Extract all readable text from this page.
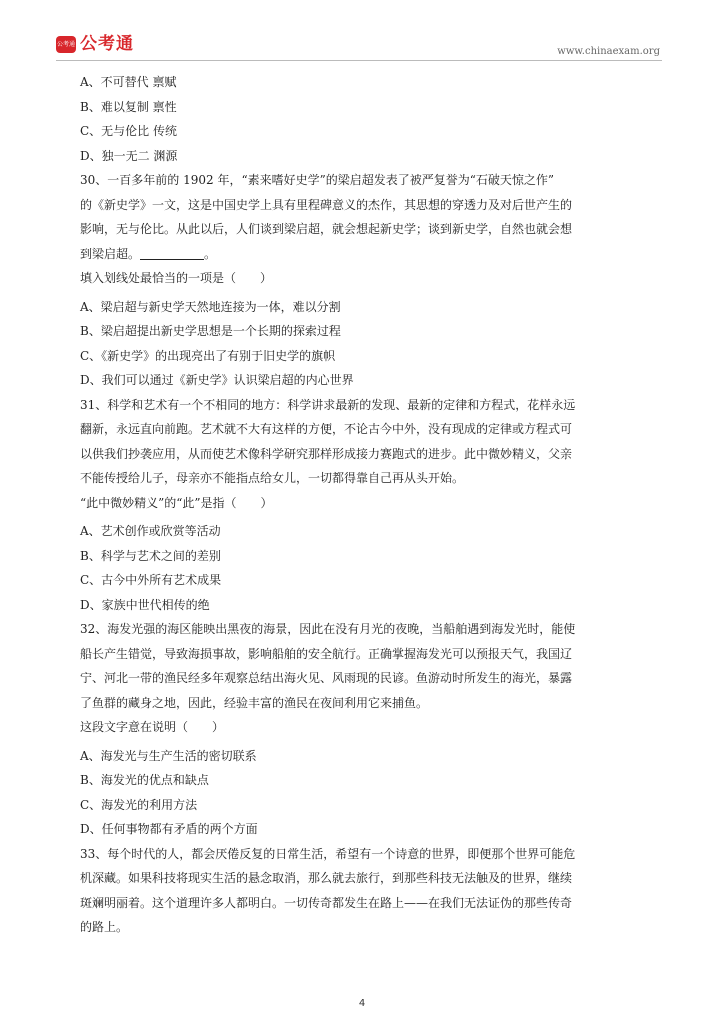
公考通 公考通	www.chinaexam.org
A、不可替代 禀赋
B、难以复制 禀性
C、无与伦比 传统
D、独一无二 渊源
30、一百多年前的 1902 年，“素来嗜好史学”的梁启超发表了被严复誉为“石破天惊之作”
的《新史学》一文，这是中国史学上具有里程碑意义的杰作，其思想的穿透力及对后世产生的
影响，无与伦比。从此以后，人们谈到梁启超，就会想起新史学；谈到新史学，自然也就会想
到梁启超。	。
填入划线处最恰当的一项是（　　）
A、梁启超与新史学天然地连接为一体，难以分割
B、梁启超提出新史学思想是一个长期的探索过程
C、《新史学》的出现亮出了有别于旧史学的旗帜
D、我们可以通过《新史学》认识梁启超的内心世界
31、科学和艺术有一个不相同的地方：科学讲求最新的发现、最新的定律和方程式，花样永远
翻新，永远直向前跑。艺术就不大有这样的方便，不论古今中外，没有现成的定律或方程式可
以供我们抄袭应用，从而使艺术像科学研究那样形成接力赛跑式的进步。此中微妙精义，父亲
不能传授给儿子，母亲亦不能指点给女儿，一切都得靠自己再从头开始。
“此中微妙精义”的“此”是指（　　）
A、艺术创作或欣赏等活动
B、科学与艺术之间的差别
C、古今中外所有艺术成果
D、家族中世代相传的绝
32、海发光强的海区能映出黑夜的海景，因此在没有月光的夜晚，当船舶遇到海发光时，能使
船长产生错觉，导致海损事故，影响船舶的安全航行。正确掌握海发光可以预报天气，我国辽
宁、河北一带的渔民经多年观察总结出海火见、风雨现的民谚。鱼游动时所发生的海光，暴露
了鱼群的藏身之地，因此，经验丰富的渔民在夜间利用它来捕鱼。
这段文字意在说明（　　）
A、海发光与生产生活的密切联系
B、海发光的优点和缺点
C、海发光的利用方法
D、任何事物都有矛盾的两个方面
33、每个时代的人，都会厌倦反复的日常生活，希望有一个诗意的世界，即便那个世界可能危
机深藏。如果科技将现实生活的悬念取消，那么就去旅行，到那些科技无法触及的世界，继续
斑斓明丽着。这个道理许多人都明白。一切传奇都发生在路上——在我们无法证伪的那些传奇
的路上。
4
